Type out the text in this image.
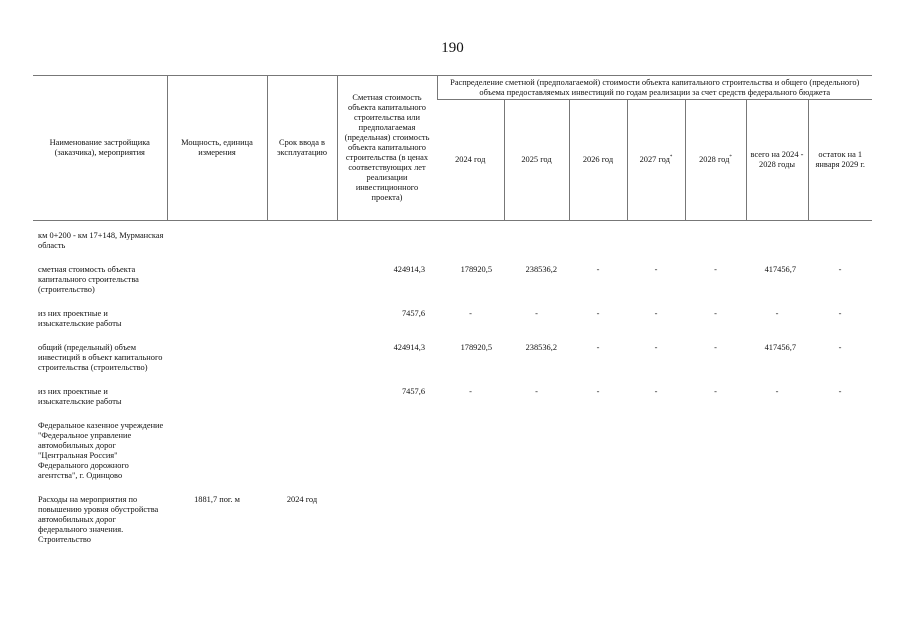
190
Наименование застройщика (заказчика), мероприятия	Мощность, единица измерения	Срок ввода в эксплуатацию	Сметная стоимость объекта капитального строительства или предполагаемая (предельная) стоимость объекта капитального строительства (в ценах соответствующих лет реализации инвестиционного проекта)	Распределение сметной (предполагаемой) стоимости объекта капитального строительства и общего (предельного) объема предоставляемых инвестиций по годам реализации за счет средств федерального бюджета						
				2024 год	2025 год	2026 год	2027 год*	2028 год*	всего на 2024 - 2028 годы	остаток на 1 января 2029 г.

км 0+200 - км 17+148, Мурманская область										

сметная стоимость объекта капитального строительства (строительство)			424914,3	178920,5	238536,2	-	-	-	417456,7	-

из них проектные и изыскательские работы			7457,6	-	-	-	-	-	-	-

общий (предельный) объем инвестиций в объект капитального строительства (строительство)			424914,3	178920,5	238536,2	-	-	-	417456,7	-

из них проектные и изыскательские работы			7457,6	-	-	-	-	-	-	-

Федеральное казенное учреждение "Федеральное управление автомобильных дорог "Центральная Россия" Федерального дорожного агентства", г. Одинцово										

Расходы на мероприятия по повышению уровня обустройства автомобильных дорог федерального значения. Строительство	1881,7 пог. м	2024 год								
